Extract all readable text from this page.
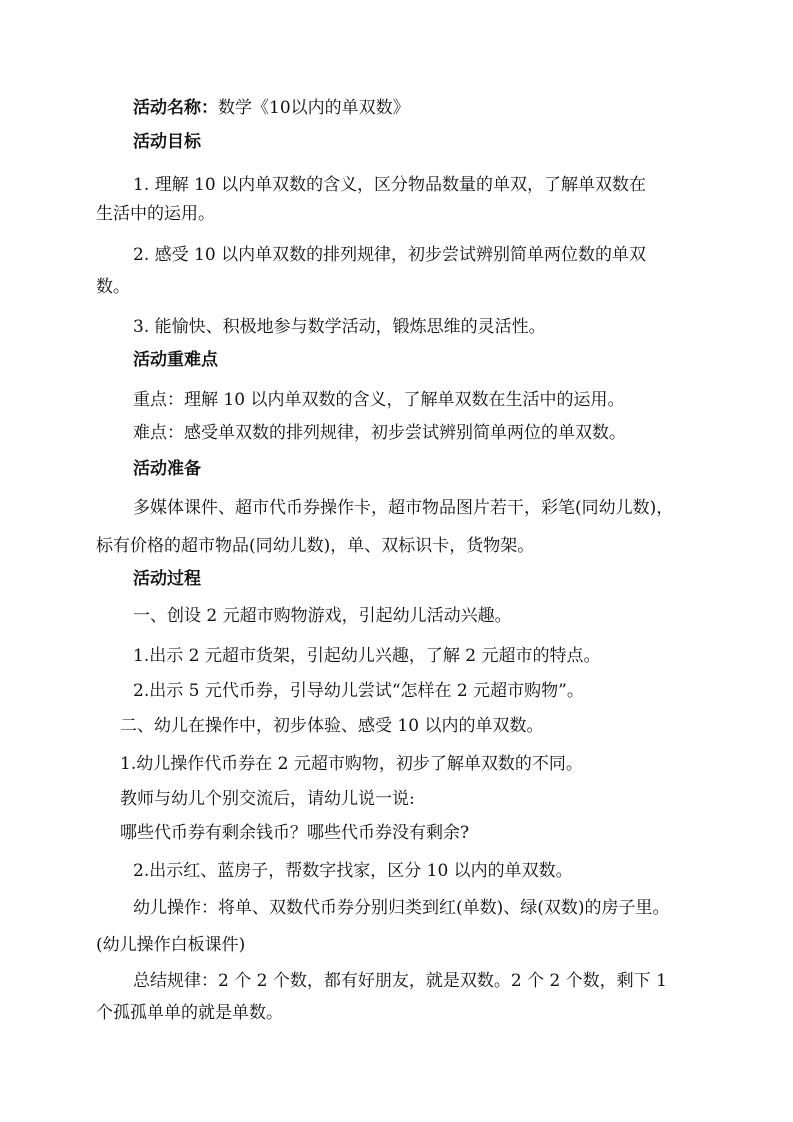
活动名称：数学《10以内的单双数》
活动目标
1. 理解 10 以内单双数的含义，区分物品数量的单双，了解单双数在
生活中的运用。
2. 感受 10 以内单双数的排列规律，初步尝试辨别简单两位数的单双
数。
3. 能愉快、积极地参与数学活动，锻炼思维的灵活性。
活动重难点
重点：理解 10 以内单双数的含义，了解单双数在生活中的运用。
难点：感受单双数的排列规律，初步尝试辨别简单两位的单双数。
活动准备
多媒体课件、超市代币券操作卡，超市物品图片若干，彩笔(同幼儿数)，
标有价格的超市物品(同幼儿数)，单、双标识卡，货物架。
活动过程
一、创设 2 元超市购物游戏，引起幼儿活动兴趣。
1.出示 2 元超市货架，引起幼儿兴趣，了解 2 元超市的特点。
2.出示 5 元代币券，引导幼儿尝试“怎样在 2 元超市购物”。
二、幼儿在操作中，初步体验、感受 10 以内的单双数。
1.幼儿操作代币券在 2 元超市购物，初步了解单双数的不同。
教师与幼儿个别交流后，请幼儿说一说:
哪些代币券有剩余钱币？哪些代币券没有剩余?
2.出示红、蓝房子，帮数字找家，区分 10 以内的单双数。
幼儿操作：将单、双数代币券分别归类到红(单数)、绿(双数)的房子里。
(幼儿操作白板课件)
总结规律：2 个 2 个数，都有好朋友，就是双数。2 个 2 个数，剩下 1
个孤孤单单的就是单数。
